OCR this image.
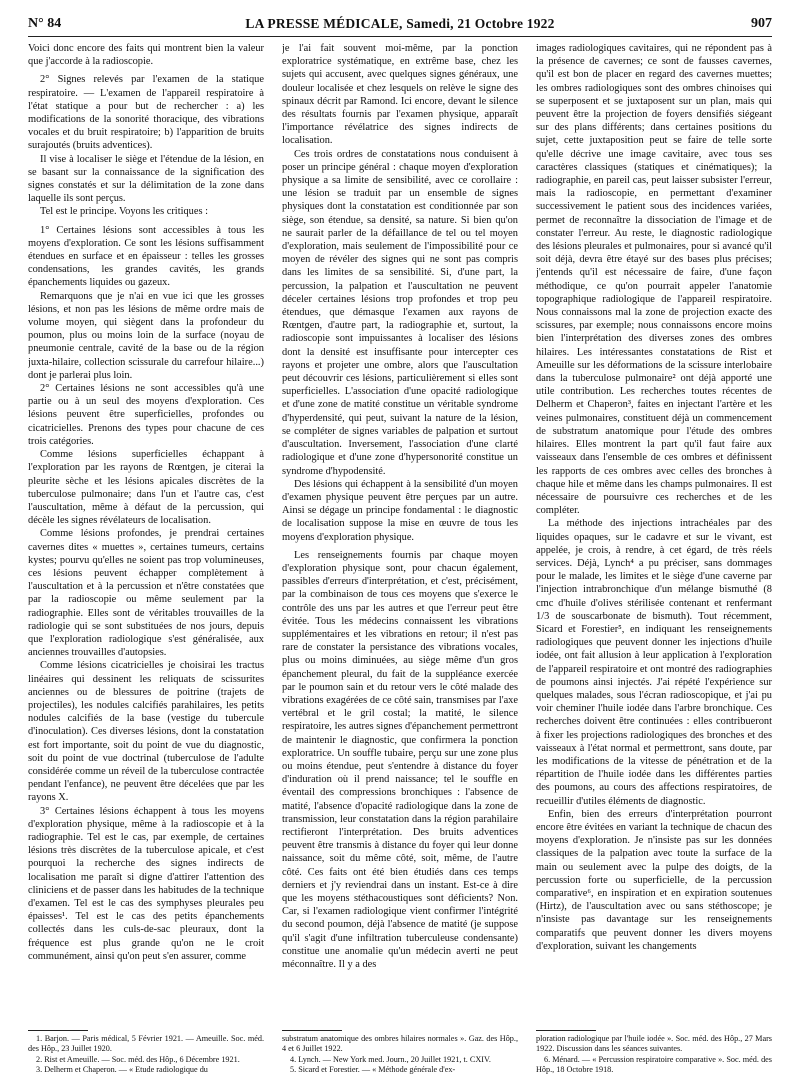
N° 84	LA PRESSE MÉDICALE, Samedi, 21 Octobre 1922	907

Voici donc encore des faits qui montrent bien la valeur que j'accorde à la radioscopie.

2° Signes relevés par l'examen de la statique respiratoire. — L'examen de l'appareil respiratoire à l'état statique a pour but de rechercher : a) les modifications de la sonorité thoracique, des vibrations vocales et du bruit respiratoire; b) l'apparition de bruits surajoutés (bruits adventices).

Il vise à localiser le siège et l'étendue de la lésion, en se basant sur la connaissance de la signification des signes constatés et sur la délimitation de la zone dans laquelle ils sont perçus.

Tel est le principe. Voyons les critiques :

1° Certaines lésions sont accessibles à tous les moyens d'exploration. Ce sont les lésions suffisamment étendues en surface et en épaisseur : telles les grosses condensations, les grandes cavités, les grands épanchements liquides ou gazeux.

Remarquons que je n'ai en vue ici que les grosses lésions, et non pas les lésions de même ordre mais de volume moyen, qui siègent dans la profondeur du poumon, plus ou moins loin de la surface (noyau de pneumonie centrale, cavité de la base ou de la région juxta-hilaire, collection scissurale du carrefour hilaire...) dont je parlerai plus loin.

2° Certaines lésions ne sont accessibles qu'à une partie ou à un seul des moyens d'exploration. Ces lésions peuvent être superficielles, profondes ou cicatricielles. Prenons des types pour chacune de ces trois catégories.

Comme lésions superficielles échappant à l'exploration par les rayons de Rœntgen, je citerai la pleurite sèche et les lésions apicales discrètes de la tuberculose pulmonaire; dans l'un et l'autre cas, c'est l'auscultation, même à défaut de la percussion, qui décèle les signes révélateurs de localisation.

Comme lésions profondes, je prendrai certaines cavernes dites « muettes », certaines tumeurs, certains kystes; pourvu qu'elles ne soient pas trop volumineuses, ces lésions peuvent échapper complètement à l'auscultation et à la percussion et n'être constatées que par la radioscopie ou même seulement par la radiographie. Elles sont de véritables trouvailles de la radiologie qui se sont substituées de nos jours, depuis que l'exploration radiologique s'est généralisée, aux anciennes trouvailles d'autopsies.

Comme lésions cicatricielles je choisirai les tractus linéaires qui dessinent les reliquats de scissurites anciennes ou de blessures de poitrine (trajets de projectiles), les nodules calcifiés parahilaires, les petits nodules calcifiés de la base (vestige du tubercule d'inoculation). Ces diverses lésions, dont la constatation est fort importante, soit du point de vue du diagnostic, soit du point de vue doctrinal (tuberculose de l'adulte considérée comme un réveil de la tuberculose contractée pendant l'enfance), ne peuvent être décelées que par les rayons X.

3° Certaines lésions échappent à tous les moyens d'exploration physique, même à la radioscopie et à la radiographie. Tel est le cas, par exemple, de certaines lésions très discrètes de la tuberculose apicale, et c'est pourquoi la recherche des signes indirects de localisation me paraît si digne d'attirer l'attention des cliniciens et de passer dans les habitudes de la technique d'examen. Tel est le cas des symphyses pleurales peu épaisses¹. Tel est le cas des petits épanchements collectés dans les culs-de-sac pleuraux, dont la fréquence est plus grande qu'on ne le croit communément, ainsi qu'on peut s'en assurer, comme

je l'ai fait souvent moi-même, par la ponction exploratrice systématique, en extrême base, chez les sujets qui accusent, avec quelques signes généraux, une douleur localisée et chez lesquels on relève le signe des spinaux décrit par Ramond. Ici encore, devant le silence des résultats fournis par l'examen physique, apparaît l'importance révélatrice des signes indirects de localisation.

Ces trois ordres de constatations nous conduisent à poser un principe général : chaque moyen d'exploration physique a sa limite de sensibilité, avec ce corollaire : une lésion se traduit par un ensemble de signes physiques dont la constatation est conditionnée par son siège, son étendue, sa densité, sa nature. Si bien qu'on ne saurait parler de la défaillance de tel ou tel moyen d'exploration, mais seulement de l'impossibilité pour ce moyen de révéler des signes qui ne sont pas compris dans les limites de sa sensibilité. Si, d'une part, la percussion, la palpation et l'auscultation ne peuvent déceler certaines lésions trop profondes et trop peu étendues, que démasque l'examen aux rayons de Rœntgen, d'autre part, la radiographie et, surtout, la radioscopie sont impuissantes à localiser des lésions dont la densité est insuffisante pour intercepter ces rayons et projeter une ombre, alors que l'auscultation peut découvrir ces lésions, particulièrement si elles sont superficielles. L'association d'une opacité radiologique et d'une zone de matité constitue un véritable syndrome d'hyperdensité, qui peut, suivant la nature de la lésion, se compléter de signes variables de palpation et surtout d'auscultation. Inversement, l'association d'une clarté radiologique et d'une zone d'hypersonorité constitue un syndrome d'hypodensité.

Des lésions qui échappent à la sensibilité d'un moyen d'examen physique peuvent être perçues par un autre. Ainsi se dégage un principe fondamental : le diagnostic de localisation suppose la mise en œuvre de tous les moyens d'exploration physique.

Les renseignements fournis par chaque moyen d'exploration physique sont, pour chacun également, passibles d'erreurs d'interprétation, et c'est, précisément, par la combinaison de tous ces moyens que s'exerce le contrôle des uns par les autres et que l'erreur peut être évitée. Tous les médecins connaissent les vibrations supplémentaires et les vibrations en retour; il n'est pas rare de constater la persistance des vibrations vocales, plus ou moins diminuées, au siège même d'un gros épanchement pleural, du fait de la suppléance exercée par le poumon sain et du retour vers le côté malade des vibrations exagérées de ce côté sain, transmises par l'axe vertébral et le gril costal; la matité, le silence respiratoire, les autres signes d'épanchement permettront de maintenir le diagnostic, que confirmera la ponction exploratrice. Un souffle tubaire, perçu sur une zone plus ou moins étendue, peut s'entendre à distance du foyer d'induration où il prend naissance; tel le souffle en éventail des compressions bronchiques : l'absence de matité, l'absence d'opacité radiologique dans la zone de transmission, leur constatation dans la région parahilaire rectifieront l'interprétation. Des bruits adventices peuvent être transmis à distance du foyer qui leur donne naissance, soit du même côté, soit, même, de l'autre côté. Ces faits ont été bien étudiés dans ces temps derniers et j'y reviendrai dans un instant. Est-ce à dire que les moyens stéthacoustiques sont déficients? Non. Car, si l'examen radiologique vient confirmer l'intégrité du second poumon, déjà l'absence de matité (je suppose qu'il s'agit d'une infiltration tuberculeuse condensante) constitue une anomalie qu'un médecin averti ne peut méconnaître. Il y a des

images radiologiques cavitaires, qui ne répondent pas à la présence de cavernes; ce sont de fausses cavernes, qu'il est bon de placer en regard des cavernes muettes; les ombres radiologiques sont des ombres chinoises qui se superposent et se juxtaposent sur un plan, mais qui peuvent être la projection de foyers densifiés siégeant sur des plans différents; dans certaines positions du sujet, cette juxtaposition peut se faire de telle sorte qu'elle décrive une image cavitaire, avec tous ses caractères classiques (statiques et cinématiques); la radiographie, en pareil cas, peut laisser subsister l'erreur, mais la radioscopie, en permettant d'examiner successivement le patient sous des incidences variées, permet de reconnaître la dissociation de l'image et de constater l'erreur. Au reste, le diagnostic radiologique des lésions pleurales et pulmonaires, pour si avancé qu'il soit déjà, devra être étayé sur des bases plus précises; j'entends qu'il est nécessaire de faire, d'une façon méthodique, ce qu'on pourrait appeler l'anatomie topographique radiologique de l'appareil respiratoire. Nous connaissons mal la zone de projection exacte des scissures, par exemple; nous connaissons encore moins bien l'interprétation des diverses zones des ombres hilaires. Les intéressantes constatations de Rist et Ameuille sur les déformations de la scissure interlobaire dans la tuberculose pulmonaire² ont déjà apporté une utile contribution. Les recherches toutes récentes de Delherm et Chaperon³, faites en injectant l'artère et les veines pulmonaires, constituent déjà un commencement de substratum anatomique pour l'étude des ombres hilaires. Elles montrent la part qu'il faut faire aux vaisseaux dans l'ensemble de ces ombres et définissent les rapports de ces ombres avec celles des bronches à chaque hile et même dans les champs pulmonaires. Il est nécessaire de poursuivre ces recherches et de les compléter.

La méthode des injections intrachéales par des liquides opaques, sur le cadavre et sur le vivant, est appelée, je crois, à rendre, à cet égard, de très réels services. Déjà, Lynch⁴ a pu préciser, sans dommages pour le malade, les limites et le siège d'une caverne par l'injection intrabronchique d'un mélange bismuthé (8 cmc d'huile d'olives stérilisée contenant et renfermant 1/3 de souscarbonate de bismuth). Tout récemment, Sicard et Forestier⁵, en indiquant les renseignements radiologiques que peuvent donner les injections d'huile iodée, ont fait allusion à leur application à l'exploration de l'appareil respiratoire et ont montré des radiographies de poumons ainsi injectés. J'ai répété l'expérience sur quelques malades, sous l'écran radioscopique, et j'ai pu voir cheminer l'huile iodée dans l'arbre bronchique. Ces recherches doivent être continuées : elles contribueront à fixer les projections radiologiques des bronches et des vaisseaux à l'état normal et permettront, sans doute, par les modifications de la vitesse de pénétration et de la répartition de l'huile iodée dans les différentes parties des poumons, au cours des affections respiratoires, de recueillir d'utiles éléments de diagnostic.

Enfin, bien des erreurs d'interprétation pourront encore être évitées en variant la technique de chacun des moyens d'exploration. Je n'insiste pas sur les données classiques de la palpation avec toute la surface de la main ou seulement avec la pulpe des doigts, de la percussion forte ou superficielle, de la percussion comparative⁶, en inspiration et en expiration soutenues (Hirtz), de l'auscultation avec ou sans stéthoscope; je n'insiste pas davantage sur les renseignements comparatifs que peuvent donner les divers moyens d'exploration, suivant les changements

1. Barjon. — Paris médical, 5 Février 1921. — Ameuille. Soc. méd. des Hôp., 23 Juillet 1920.

2. Rist et Ameuille. — Soc. méd. des Hôp., 6 Décembre 1921.

3. Delherm et Chaperon. — « Etude radiologique du

substratum anatomique des ombres hilaires normales ». Gaz. des Hôp., 4 et 6 Juillet 1922.

4. Lynch. — New York med. Journ., 20 Juillet 1921, t. CXIV.

5. Sicard et Forestier. — « Méthode générale d'ex-

ploration radiologique par l'huile iodée ». Soc. méd. des Hôp., 27 Mars 1922. Discussion dans les séances suivantes.

6. Ménard. — « Percussion respiratoire comparative ». Soc. méd. des Hôp., 18 Octobre 1918.
